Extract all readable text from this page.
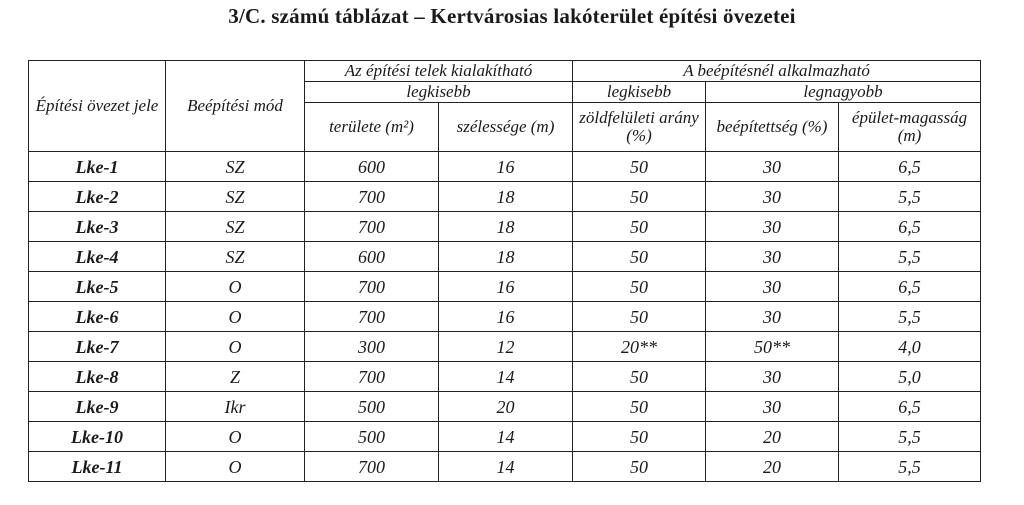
3/C. számú táblázat – Kertvárosias lakóterület építési övezetei
Építési övezet jele	Beépítési mód	Az építési telek kialakítható		A beépítésnél alkalmazható		
		legkisebb		legkisebb	legnagyobb	
		területe (m²)	szélessége (m)	zöldfelületi arány (%)	beépítettség (%)	épület-magasság (m)
Lke-1	SZ	600	16	50	30	6,5
Lke-2	SZ	700	18	50	30	5,5
Lke-3	SZ	700	18	50	30	6,5
Lke-4	SZ	600	18	50	30	5,5
Lke-5	O	700	16	50	30	6,5
Lke-6	O	700	16	50	30	5,5
Lke-7	O	300	12	20**	50**	4,0
Lke-8	Z	700	14	50	30	5,0
Lke-9	Ikr	500	20	50	30	6,5
Lke-10	O	500	14	50	20	5,5
Lke-11	O	700	14	50	20	5,5
